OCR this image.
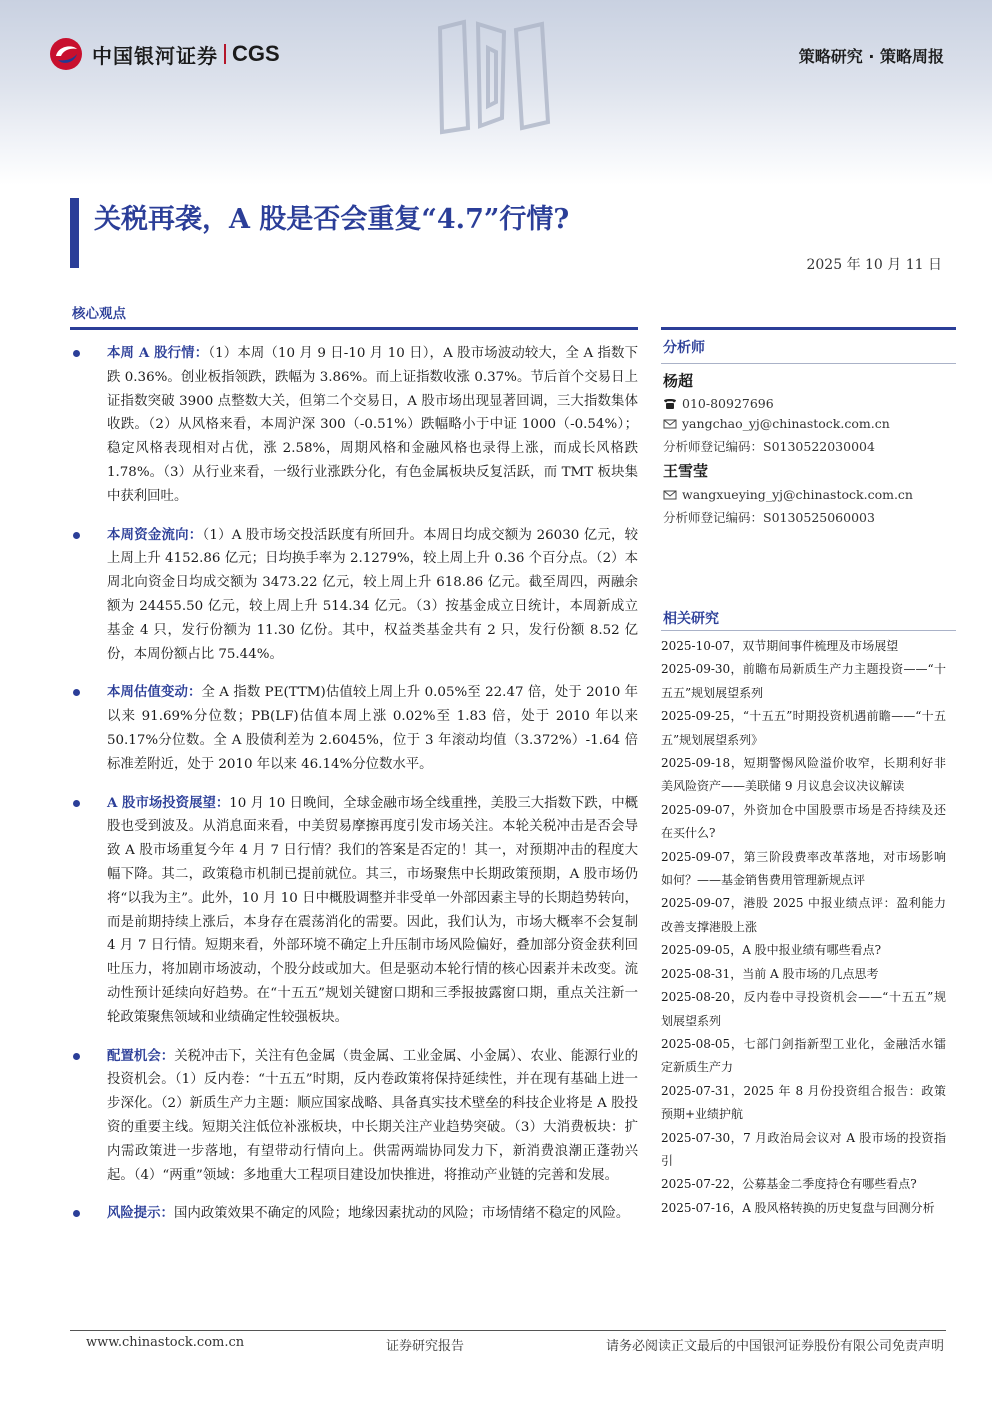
中国银河证券 CGS	策略研究 · 策略周报
关税再袭，A 股是否会重复“4.7”行情?
2025 年 10 月 11 日
核心观点
本周 A 股行情：（1）本周（10 月 9 日-10 月 10 日），A 股市场波动较大，全 A 指数下跌 0.36%。创业板指领跌，跌幅为 3.86%。而上证指数收涨 0.37%。节后首个交易日上证指数突破 3900 点整数大关，但第二个交易日，A 股市场出现显著回调，三大指数集体收跌。（2）从风格来看，本周沪深 300（-0.51%）跌幅略小于中证 1000（-0.54%）；稳定风格表现相对占优，涨 2.58%，周期风格和金融风格也录得上涨，而成长风格跌 1.78%。（3）从行业来看，一级行业涨跌分化，有色金属板块反复活跃，而 TMT 板块集中获利回吐。
本周资金流向：（1）A 股市场交投活跃度有所回升。本周日均成交额为 26030 亿元，较上周上升 4152.86 亿元；日均换手率为 2.1279%，较上周上升 0.36 个百分点。（2）本周北向资金日均成交额为 3473.22 亿元，较上周上升 618.86 亿元。截至周四，两融余额为 24455.50 亿元，较上周上升 514.34 亿元。（3）按基金成立日统计，本周新成立基金 4 只，发行份额为 11.30 亿份。其中，权益类基金共有 2 只，发行份额 8.52 亿份，本周份额占比 75.44%。
本周估值变动：全 A 指数 PE(TTM)估值较上周上升 0.05%至 22.47 倍，处于 2010 年以来 91.69%分位数；PB(LF)估值本周上涨 0.02%至 1.83 倍，处于 2010 年以来 50.17%分位数。全 A 股债利差为 2.6045%，位于 3 年滚动均值（3.372%）-1.64 倍标准差附近，处于 2010 年以来 46.14%分位数水平。
A 股市场投资展望：10 月 10 日晚间，全球金融市场全线重挫，美股三大指数下跌，中概股也受到波及。从消息面来看，中美贸易摩擦再度引发市场关注。本轮关税冲击是否会导致 A 股市场重复今年 4 月 7 日行情？我们的答案是否定的！其一，对预期冲击的程度大幅下降。其二，政策稳市机制已提前就位。其三，市场聚焦中长期政策预期，A 股市场仍将“以我为主”。此外，10 月 10 日中概股调整并非受单一外部因素主导的长期趋势转向，而是前期持续上涨后，本身存在震荡消化的需要。因此，我们认为，市场大概率不会复制 4 月 7 日行情。短期来看，外部环境不确定上升压制市场风险偏好，叠加部分资金获利回吐压力，将加剧市场波动，个股分歧或加大。但是驱动本轮行情的核心因素并未改变。流动性预计延续向好趋势。在“十五五”规划关键窗口期和三季报披露窗口期，重点关注新一轮政策聚焦领域和业绩确定性较强板块。
配置机会：关税冲击下，关注有色金属（贵金属、工业金属、小金属）、农业、能源行业的投资机会。（1）反内卷：“十五五”时期，反内卷政策将保持延续性，并在现有基础上进一步深化。（2）新质生产力主题：顺应国家战略、具备真实技术壁垒的科技企业将是 A 股投资的重要主线。短期关注低位补涨板块，中长期关注产业趋势突破。（3）大消费板块：扩内需政策进一步落地，有望带动行情向上。供需两端协同发力下，新消费浪潮正蓬勃兴起。（4）“两重”领域：多地重大工程项目建设加快推进，将推动产业链的完善和发展。
风险提示：国内政策效果不确定的风险；地缘因素扰动的风险；市场情绪不稳定的风险。
分析师
杨超
010-80927696
yangchao_yj@chinastock.com.cn
分析师登记编码：S0130522030004
王雪莹
wangxueying_yj@chinastock.com.cn
分析师登记编码：S0130525060003
相关研究
2025-10-07，双节期间事件梳理及市场展望
2025-09-30，前瞻布局新质生产力主题投资——“十五五”规划展望系列
2025-09-25，“十五五”时期投资机遇前瞻——“十五五”规划展望系列》
2025-09-18，短期警惕风险溢价收窄，长期利好非美风险资产——美联储 9 月议息会议决议解读
2025-09-07，外资加仓中国股票市场是否持续及还在买什么?
2025-09-07，第三阶段费率改革落地，对市场影响如何？——基金销售费用管理新规点评
2025-09-07，港股 2025 中报业绩点评：盈利能力改善支撑港股上涨
2025-09-05，A 股中报业绩有哪些看点?
2025-08-31，当前 A 股市场的几点思考
2025-08-20，反内卷中寻投资机会——“十五五”规划展望系列
2025-08-05，七部门剑指新型工业化，金融活水镭定新质生产力
2025-07-31，2025 年 8 月份投资组合报告：政策预期+业绩护航
2025-07-30，7 月政治局会议对 A 股市场的投资指引
2025-07-22，公募基金二季度持仓有哪些看点?
2025-07-16，A 股风格转换的历史复盘与回测分析
www.chinastock.com.cn	证券研究报告	请务必阅读正文最后的中国银河证券股份有限公司免责声明
